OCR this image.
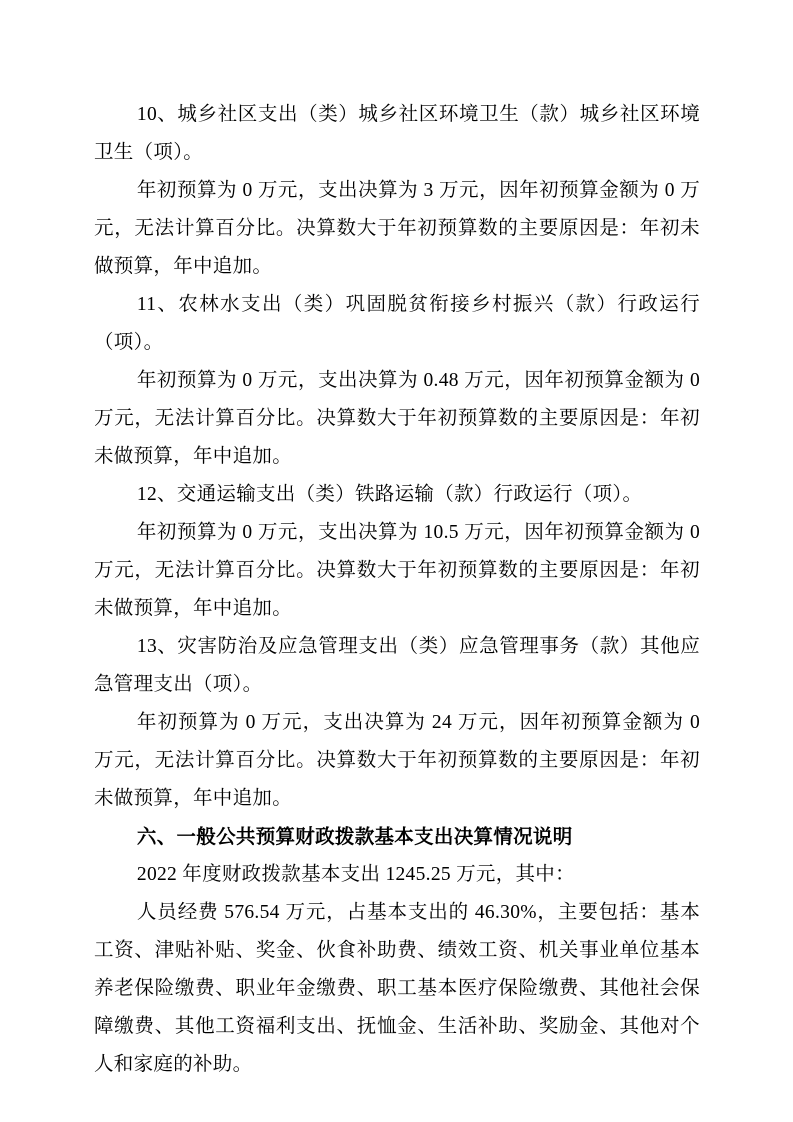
10、城乡社区支出（类）城乡社区环境卫生（款）城乡社区环境卫生（项）。

年初预算为 0 万元，支出决算为 3 万元，因年初预算金额为 0 万元，无法计算百分比。决算数大于年初预算数的主要原因是：年初未做预算，年中追加。

11、农林水支出（类）巩固脱贫衔接乡村振兴（款）行政运行（项）。

年初预算为 0 万元，支出决算为 0.48 万元，因年初预算金额为 0 万元，无法计算百分比。决算数大于年初预算数的主要原因是：年初未做预算，年中追加。

12、交通运输支出（类）铁路运输（款）行政运行（项）。

年初预算为 0 万元，支出决算为 10.5 万元，因年初预算金额为 0 万元，无法计算百分比。决算数大于年初预算数的主要原因是：年初未做预算，年中追加。

13、灾害防治及应急管理支出（类）应急管理事务（款）其他应急管理支出（项）。

年初预算为 0 万元，支出决算为 24 万元，因年初预算金额为 0 万元，无法计算百分比。决算数大于年初预算数的主要原因是：年初未做预算，年中追加。

六、一般公共预算财政拨款基本支出决算情况说明

2022 年度财政拨款基本支出 1245.25 万元，其中：

人员经费 576.54 万元，占基本支出的 46.30%，主要包括：基本工资、津贴补贴、奖金、伙食补助费、绩效工资、机关事业单位基本养老保险缴费、职业年金缴费、职工基本医疗保险缴费、其他社会保障缴费、其他工资福利支出、抚恤金、生活补助、奖励金、其他对个人和家庭的补助。
